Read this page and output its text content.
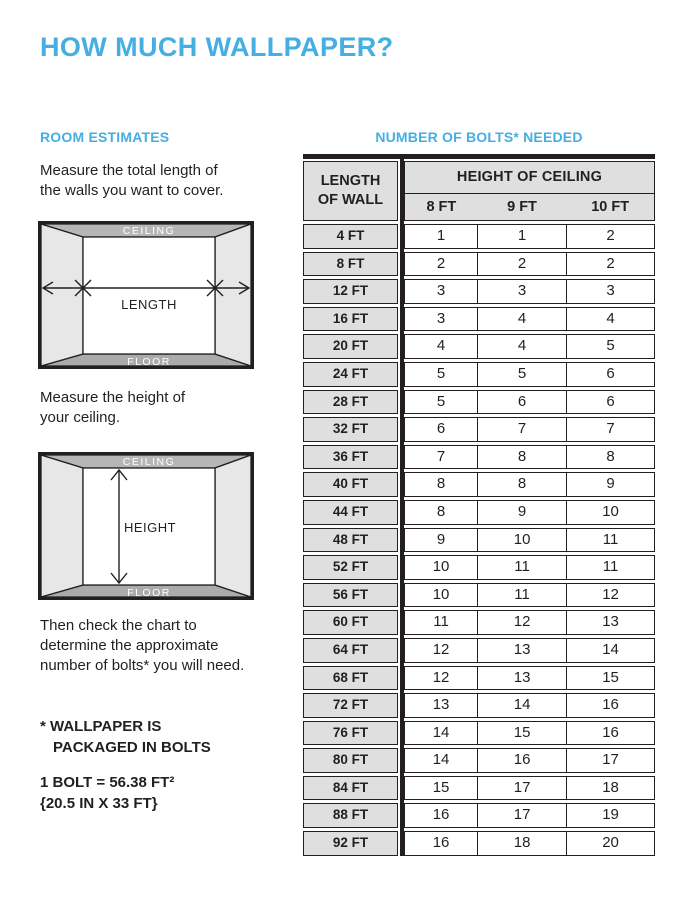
HOW MUCH WALLPAPER?
ROOM ESTIMATES

Measure the total length of
the walls you want to cover.

CEILING
FLOOR
LENGTH

Measure the height of
your ceiling.

CEILING
FLOOR
HEIGHT

Then check the chart to
determine the approximate
number of bolts* you will need.

* WALLPAPER IS
PACKAGED IN BOLTS
1 BOLT = 56.38 FT²
{20.5 IN X 33 FT}
NUMBER OF BOLTS* NEEDED
LENGTH
OF WALL
HEIGHT OF CEILING
8 FT	9 FT	10 FT
4 FT	1	1	2
8 FT	2	2	2
12 FT	3	3	3
16 FT	3	4	4
20 FT	4	4	5
24 FT	5	5	6
28 FT	5	6	6
32 FT	6	7	7
36 FT	7	8	8
40 FT	8	8	9
44 FT	8	9	10
48 FT	9	10	11
52 FT	10	11	11
56 FT	10	11	12
60 FT	11	12	13
64 FT	12	13	14
68 FT	12	13	15
72 FT	13	14	16
76 FT	14	15	16
80 FT	14	16	17
84 FT	15	17	18
88 FT	16	17	19
92 FT	16	18	20
